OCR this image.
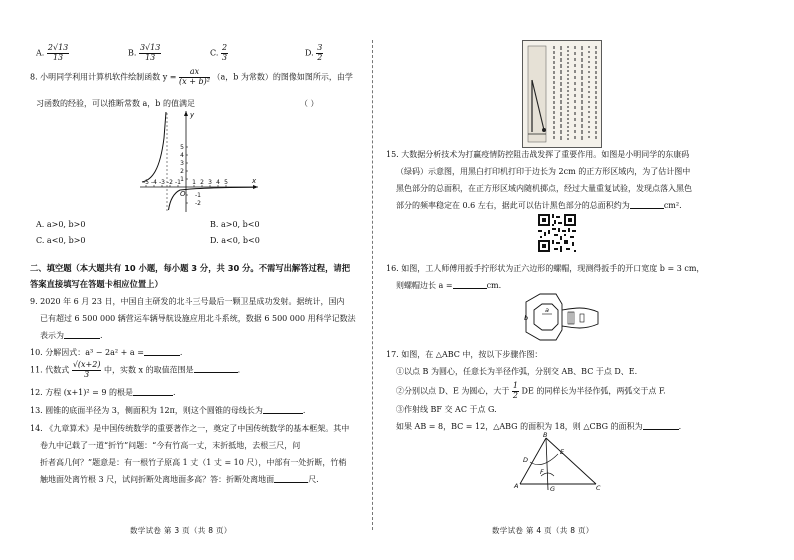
A. $\frac{2√13}{13}$	B. $\frac{3√13}{13}$	C. $\frac{2}{3}$	D. $\frac{3}{2}$
8. 小明同学利用计算机软件绘制函数 $y = \frac{ax}{\text{(x + b)²}} (a$，b 为常数）的图像如图所示，由学
习函数的经验，可以推断常数 a，b 的值满足	（ ）
-5 -4 -3 -2 -1 1 2 3 4 5
5
4
3
2
1
-1
-2
x
y
O
A. a>0, b>0	B. a>0, b<0
C. a<0, b>0	D. a<0, b<0
二、填空题（本大题共有 10 小题，每小题 3 分，共 30 分。不需写出解答过程，请把答案直接填写在答题卡相应位置上）
9. 2020 年 6 月 23 日，中国自主研发的北斗三号最后一颗卫星成功发射。据统计，国内
已有超过 6 500 000 辆营运车辆导航设施应用北斗系统，数据 6 500 000 用科学记数法
表示为	.
10. 分解因式：a³ − 2a² + a =	.
11. 代数式 $\frac{√(x+2)}{3}$ 中，实数 x 的取值范围是	.
12. 方程 (x+1)² = 9 的根是	.
13. 圆锥的底面半径为 3，侧面积为 12π，则这个圆锥的母线长为	.
14. 《九章算术》是中国传统数学的重要著作之一，奠定了中国传统数学的基本框架。其中
卷九中记载了一道“折竹”问题：“今有竹高一丈，末折抵地，去根三尺，问
折者高几何？”题意是：有一根竹子原高 1 丈（1 丈 = 10 尺），中部有一处折断，竹梢
触地面处离竹根 3 尺，试问折断处离地面多高？答：折断处离地面	尺.
数学试卷 第 3 页（共 8 页）
15. 大数据分析技术为打赢疫情防控阻击战发挥了重要作用。如图是小明同学的东康码
（绿码）示意图，用黑白打印机打印于边长为 2cm 的正方形区域内，为了估计图中
黑色部分的总面积，在正方形区域内随机掷点，经过大量重复试验，发现点落入黑色
部分的频率稳定在 0.6 左右，据此可以估计黑色部分的总面积约为	cm².
16. 如图，工人师傅用扳手拧形状为正六边形的螺帽，现测得扳手的开口宽度 b = 3 cm，
则螺帽边长 a =	cm.
a
b
17. 如图，在 △ABC 中，按以下步骤作图：
①以点 B 为圆心，任意长为半径作弧，分别交 AB、BC 于点 D、E.
②分别以点 D、E 为圆心，大于 $\frac{1}{2}$ DE 的同样长为半径作弧，两弧交于点 F.
③作射线 BF 交 AC 于点 G.
如果 AB = 8，BC = 12，△ABG 的面积为 18，则 △CBG 的面积为	.
B
D
E
F
A	G	C
数学试卷 第 4 页（共 8 页）
